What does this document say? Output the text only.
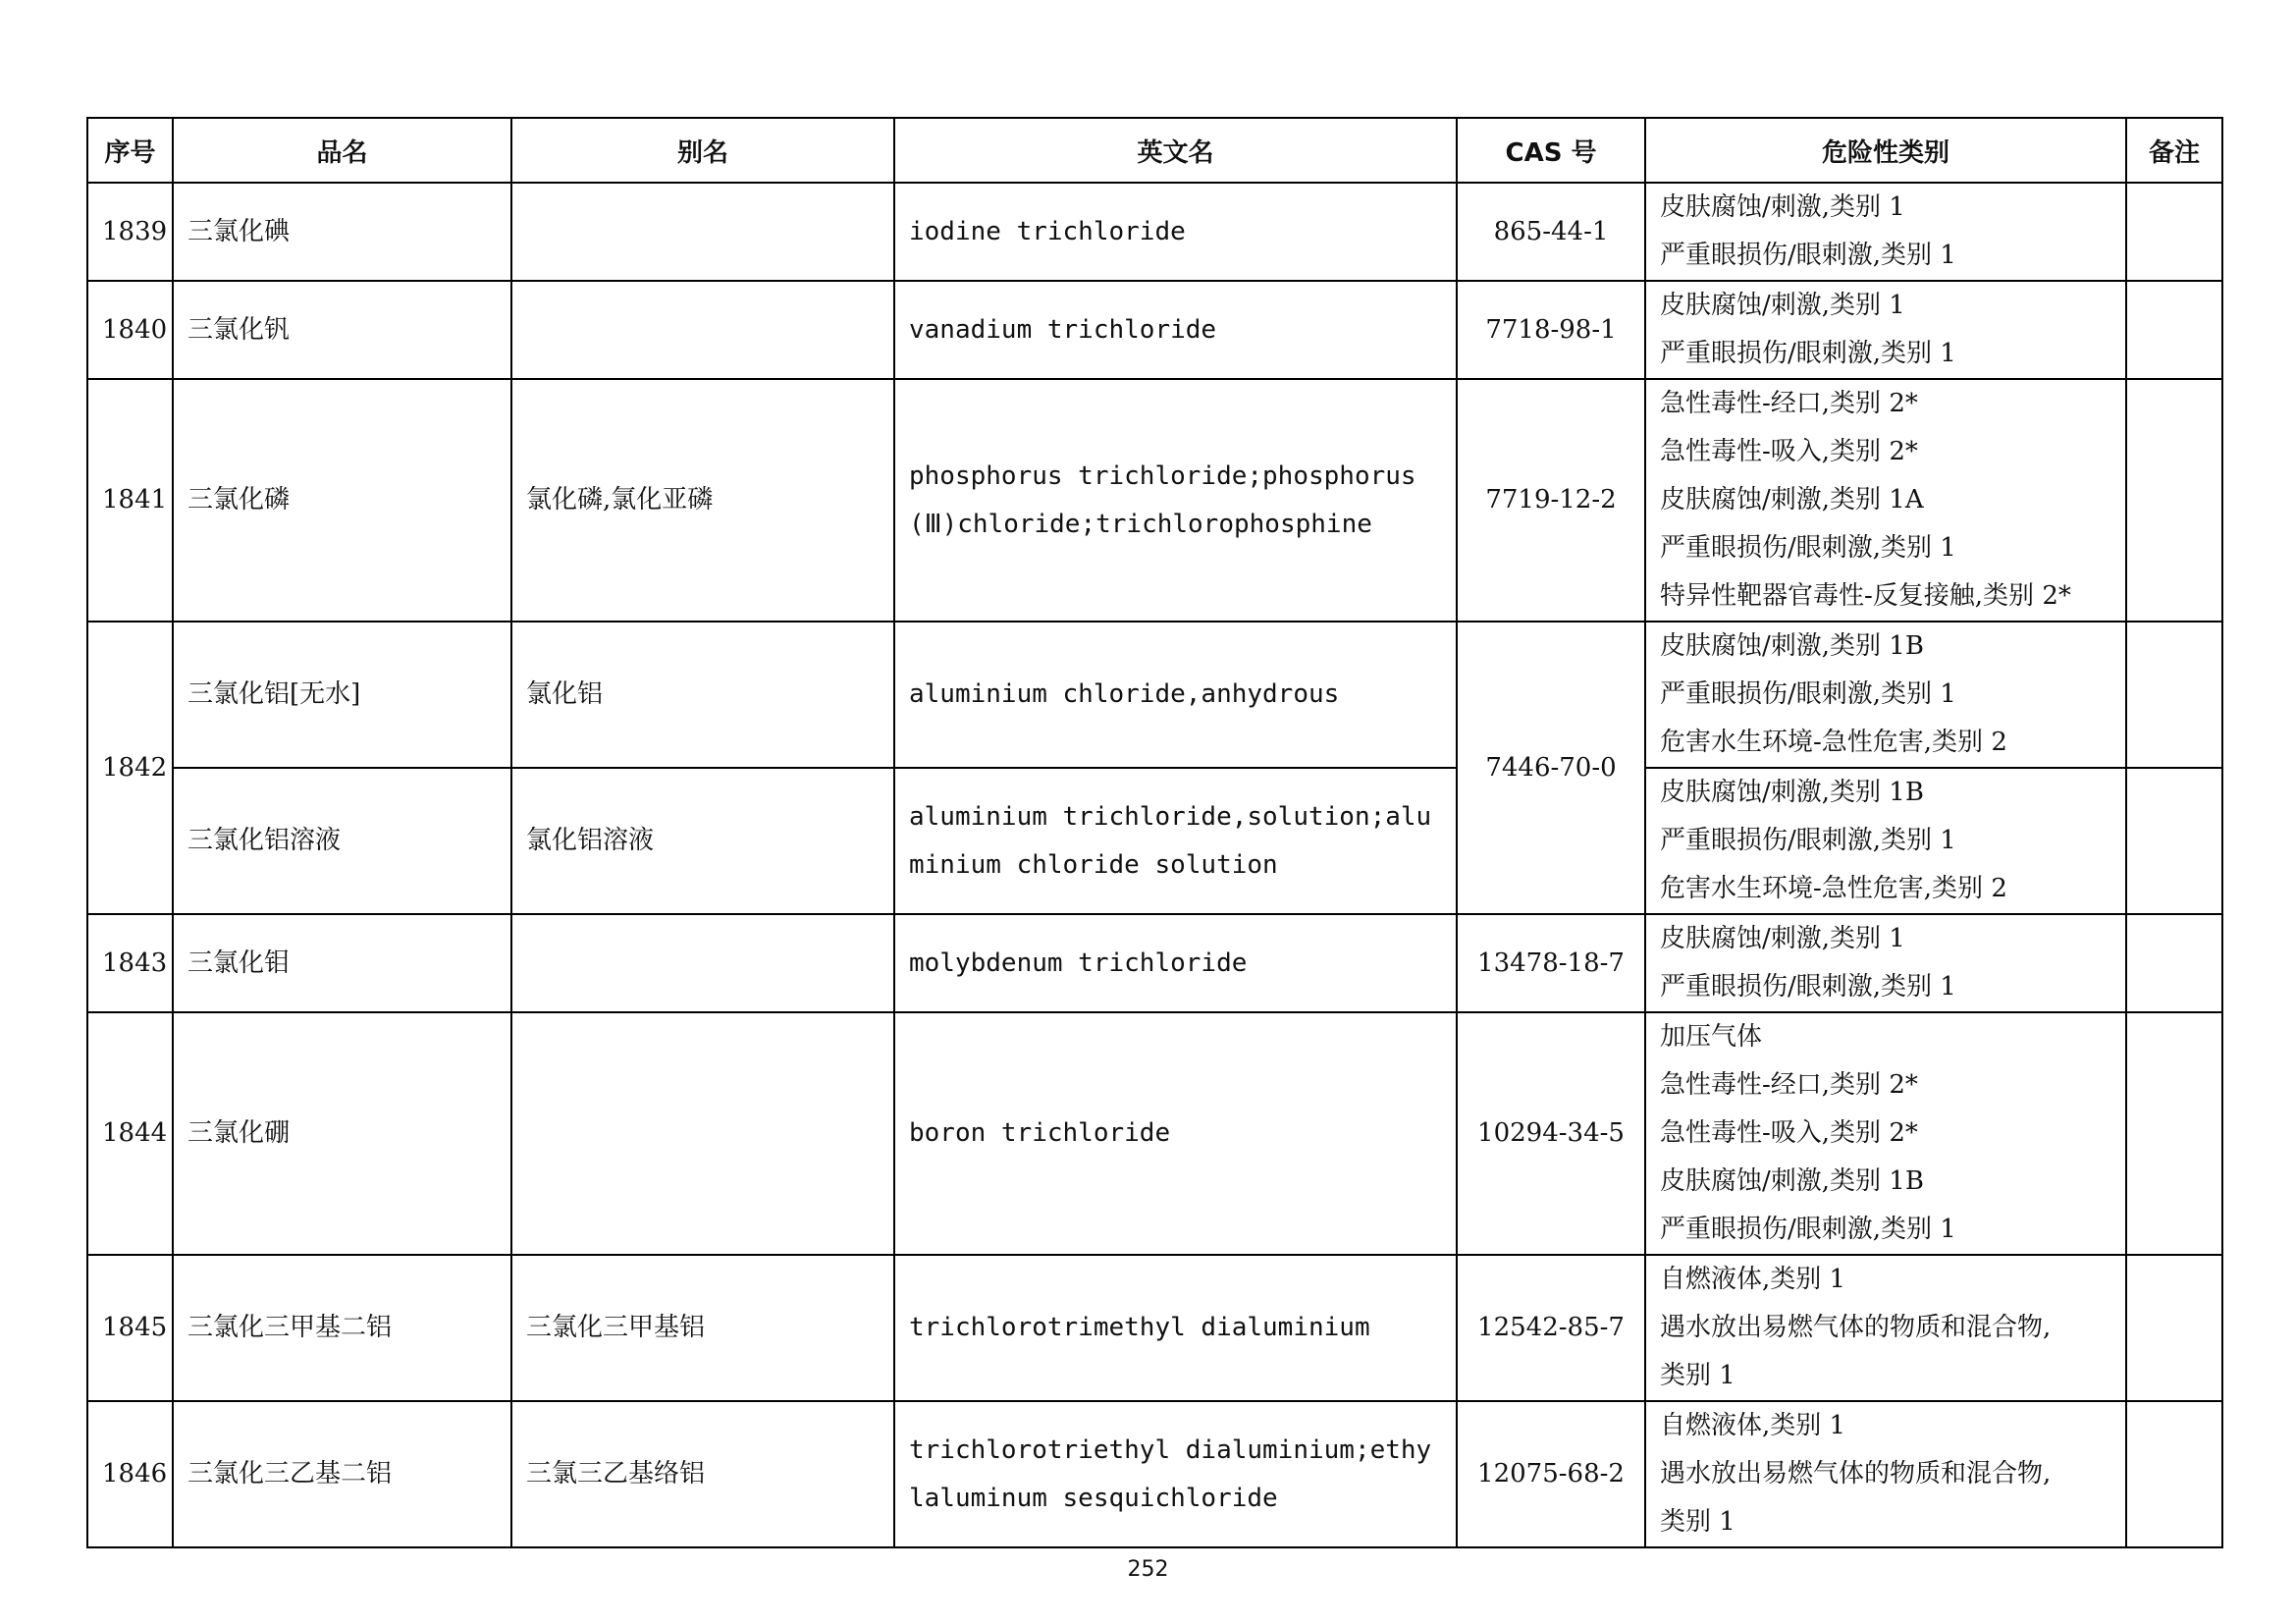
序号	品名	别名	英文名	CAS 号	危险性类别	备注
1839	三氯化碘		iodine trichloride	865-44-1	皮肤腐蚀/刺激,类别 1
严重眼损伤/眼刺激,类别 1	

1840	三氯化钒		vanadium trichloride	7718-98-1	皮肤腐蚀/刺激,类别 1
严重眼损伤/眼刺激,类别 1	

1841	三氯化磷	氯化磷,氯化亚磷	phosphorus trichloride;phosphorus(Ⅲ)chloride;trichlorophosphine	7719-12-2	急性毒性-经口,类别 2*
急性毒性-吸入,类别 2*
皮肤腐蚀/刺激,类别 1A
严重眼损伤/眼刺激,类别 1
特异性靶器官毒性-反复接触,类别 2*	

1842	三氯化铝[无水]	氯化铝	aluminium chloride,anhydrous	7446-70-0	皮肤腐蚀/刺激,类别 1B
严重眼损伤/眼刺激,类别 1
危害水生环境-急性危害,类别 2	

	三氯化铝溶液	氯化铝溶液	aluminium trichloride,solution;aluminium chloride solution		皮肤腐蚀/刺激,类别 1B
严重眼损伤/眼刺激,类别 1
危害水生环境-急性危害,类别 2	

1843	三氯化钼		molybdenum trichloride	13478-18-7	皮肤腐蚀/刺激,类别 1
严重眼损伤/眼刺激,类别 1	

1844	三氯化硼		boron trichloride	10294-34-5	加压气体
急性毒性-经口,类别 2*
急性毒性-吸入,类别 2*
皮肤腐蚀/刺激,类别 1B
严重眼损伤/眼刺激,类别 1	

1845	三氯化三甲基二铝	三氯化三甲基铝	trichlorotrimethyl dialuminium	12542-85-7	自燃液体,类别 1
遇水放出易燃气体的物质和混合物,
类别 1	

1846	三氯化三乙基二铝	三氯三乙基络铝	trichlorotriethyl dialuminium;ethylaluminum sesquichloride	12075-68-2	自燃液体,类别 1
遇水放出易燃气体的物质和混合物,
类别 1	

252
